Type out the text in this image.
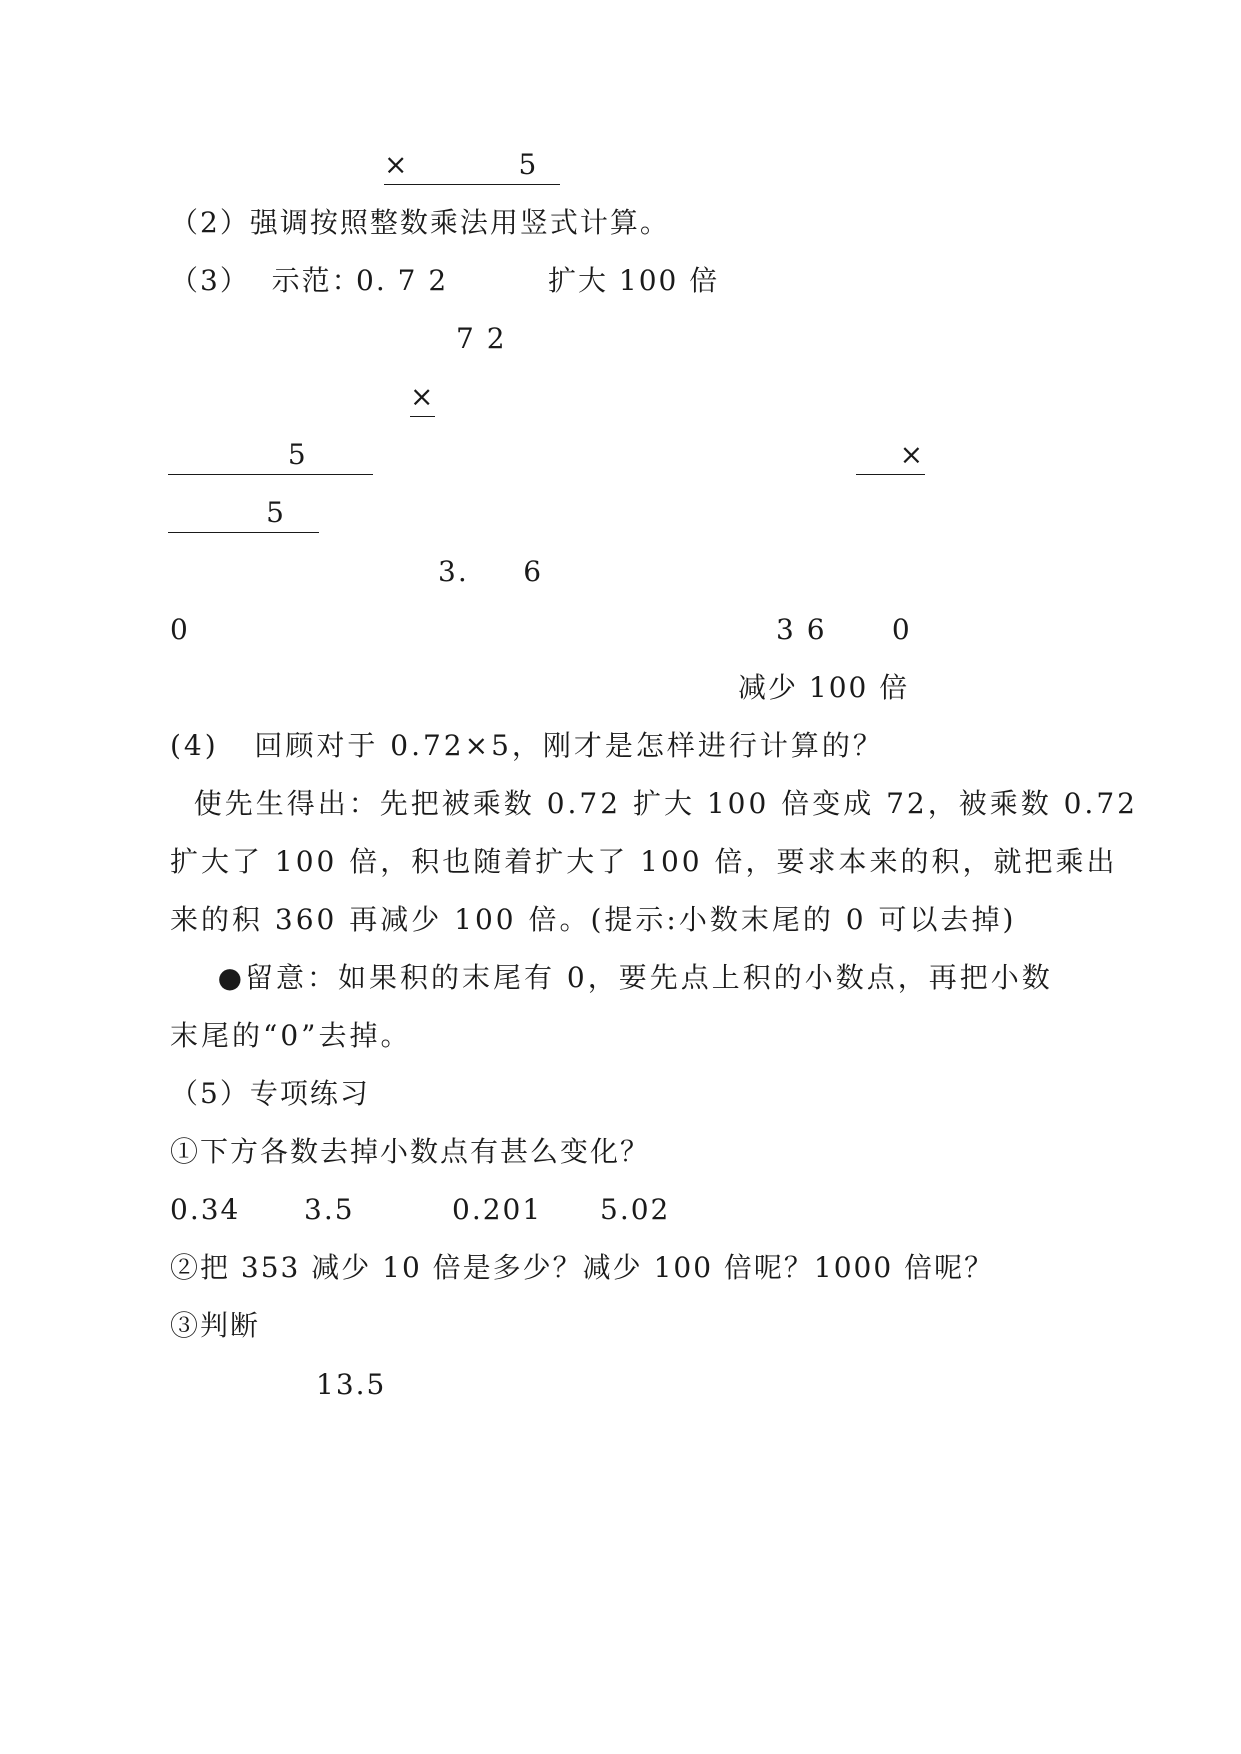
×          5
（2）强调按照整数乘法用竖式计算。
（3）  示范：
0. 7 2	扩大 100 倍
7 2
×
5	×
5
3.     6
0	3 6      0
减少 100 倍
(4)   回顾对于 0.72×5，刚才是怎样进行计算的？
使先生得出：先把被乘数 0.72 扩大 100 倍变成 72，被乘数 0.72
扩大了 100 倍，积也随着扩大了 100 倍，要求本来的积，就把乘出
来的积 360 再减少 100 倍。(提示:小数末尾的 0 可以去掉)
●留意：如果积的末尾有 0，要先点上积的小数点，再把小数
末尾的“0”去掉。
（5）专项练习
①下方各数去掉小数点有甚么变化？
0.34 3.5	0.201 5.02
②把 353 减少 10 倍是多少？减少 100 倍呢？1000 倍呢？
③判断
13.5
